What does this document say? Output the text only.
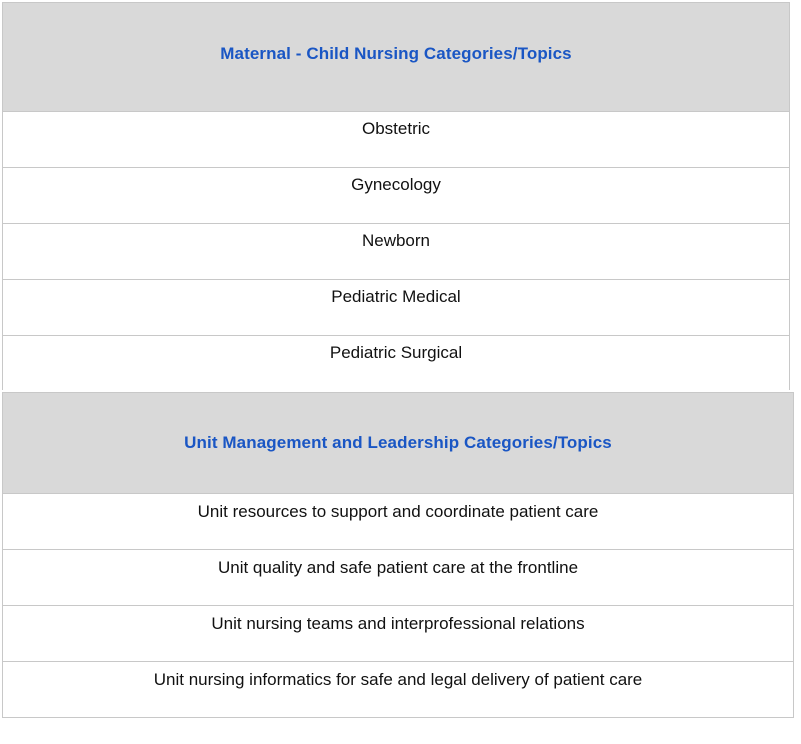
Maternal - Child Nursing Categories/Topics
Obstetric
Gynecology
Newborn
Pediatric Medical
Pediatric Surgical
Unit Management and Leadership Categories/Topics
Unit resources to support and coordinate patient care
Unit quality and safe patient care at the frontline
Unit nursing teams and interprofessional relations
Unit nursing informatics for safe and legal delivery of patient care
